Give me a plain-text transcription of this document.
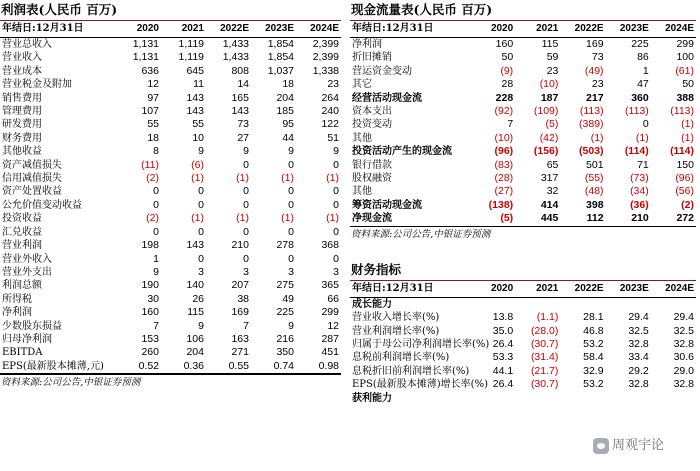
利润表(人民币 百万)
年结日:12月31日	2020	2021	2022E	2023E	2024E
营业总收入	1,131	1,119	1,433	1,854	2,399
营业收入	1,131	1,119	1,433	1,854	2,399
营业成本	636	645	808	1,037	1,338
营业税金及附加	12	11	14	18	23
销售费用	97	143	165	204	264
管理费用	107	143	143	185	240
研发费用	55	55	73	95	122
财务费用	18	10	27	44	51
其他收益	8	9	9	9	9
资产减值损失	(11)	(6)	0	0	0
信用减值损失	(2)	(1)	(1)	(1)	(1)
资产处置收益	0	0	0	0	0
公允价值变动收益	0	0	0	0	0
投资收益	(2)	(1)	(1)	(1)	(1)
汇兑收益	0	0	0	0	0
营业利润	198	143	210	278	368
营业外收入	1	0	0	0	0
营业外支出	9	3	3	3	3
利润总额	190	140	207	275	365
所得税	30	26	38	49	66
净利润	160	115	169	225	299
少数股东损益	7	9	7	9	12
归母净利润	153	106	163	216	287
EBITDA	260	204	271	350	451
EPS(最新股本摊薄,元)	0.52	0.36	0.55	0.74	0.98
资料来源:公司公告,中银证券预测
现金流量表(人民币 百万)
年结日:12月31日	2020	2021	2022E	2023E	2024E
净利润	160	115	169	225	299
折旧摊销	50	59	73	86	100
营运资金变动	(9)	23	(49)	1	(61)
其它	28	(10)	23	47	50
经营活动现金流	228	187	217	360	388
资本支出	(92)	(109)	(113)	(113)	(113)
投资变动	7	(5)	(389)	0	(1)
其他	(10)	(42)	(1)	(1)	(1)
投资活动产生的现金流	(96)	(156)	(503)	(114)	(114)
银行借款	(83)	65	501	71	150
股权融资	(28)	317	(55)	(73)	(96)
其他	(27)	32	(48)	(34)	(56)
筹资活动现金流	(138)	414	398	(36)	(2)
净现金流	(5)	445	112	210	272
资料来源:公司公告,中银证券预测
财务指标
年结日:12月31日	2020	2021	2022E	2023E	2024E
成长能力					
营业收入增长率(%)	13.8	(1.1)	28.1	29.4	29.4
营业利润增长率(%)	35.0	(28.0)	46.8	32.5	32.5
归属于母公司净利润增长率(%)	26.4	(30.7)	53.2	32.8	32.8
息税前利润增长率(%)	53.3	(31.4)	58.4	33.4	30.6
息税折旧前利润增长率(%)	44.1	(21.7)	32.9	29.2	29.0
EPS(最新股本摊薄)增长率(%)	26.4	(30.7)	53.2	32.8	32.8
获利能力					
周观宇论
